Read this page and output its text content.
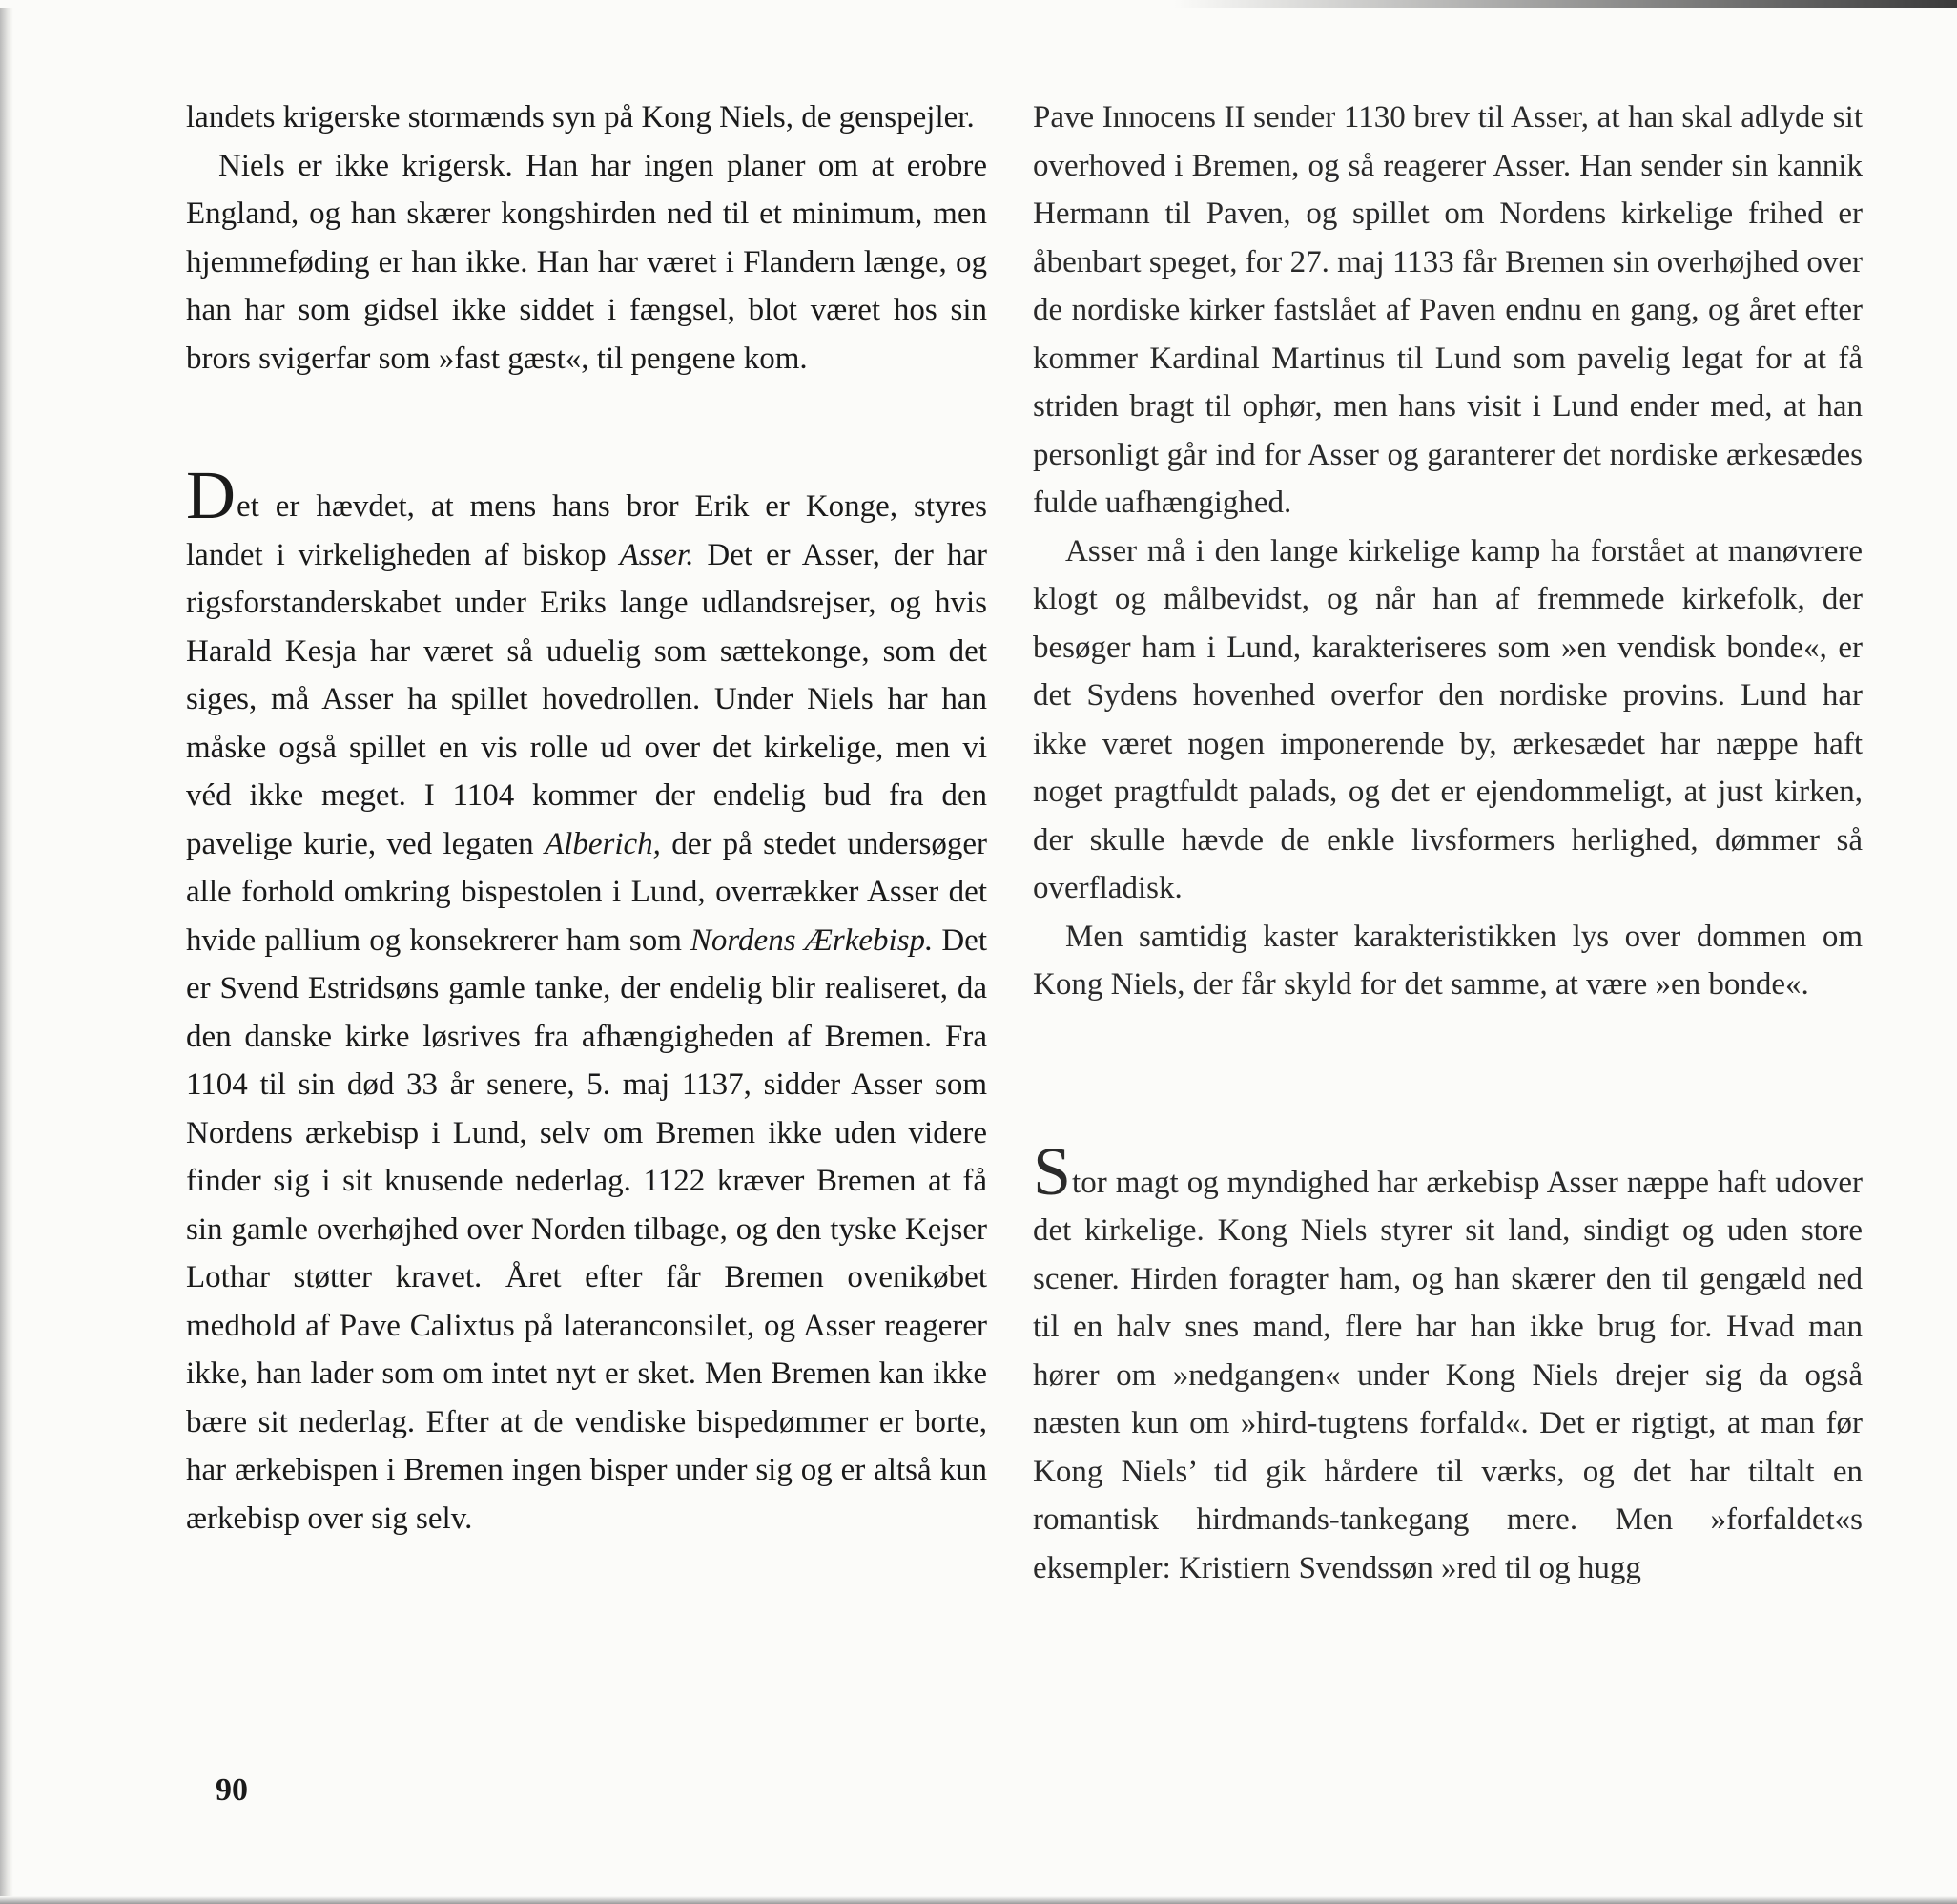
landets krigerske stormænds syn på Kong Niels, de genspejler.

Niels er ikke krigersk. Han har ingen planer om at erobre England, og han skærer kongshirden ned til et minimum, men hjemmeføding er han ikke. Han har været i Flandern længe, og han har som gidsel ikke siddet i fængsel, blot været hos sin brors svigerfar som »fast gæst«, til pengene kom.

Det er hævdet, at mens hans bror Erik er Konge, styres landet i virkeligheden af biskop Asser. Det er Asser, der har rigsforstanderskabet under Eriks lange udlandsrejser, og hvis Harald Kesja har været så uduelig som sættekonge, som det siges, må Asser ha spillet hovedrollen. Under Niels har han måske også spillet en vis rolle ud over det kirkelige, men vi véd ikke meget. I 1104 kommer der endelig bud fra den pavelige kurie, ved legaten Alberich, der på stedet undersøger alle forhold omkring bispestolen i Lund, overrækker Asser det hvide pallium og konsekrerer ham som Nordens Ærkebisp. Det er Svend Estridsøns gamle tanke, der endelig blir realiseret, da den danske kirke løsrives fra afhængigheden af Bremen. Fra 1104 til sin død 33 år senere, 5. maj 1137, sidder Asser som Nordens ærkebisp i Lund, selv om Bremen ikke uden videre finder sig i sit knusende nederlag. 1122 kræver Bremen at få sin gamle overhøjhed over Norden tilbage, og den tyske Kejser Lothar støtter kravet. Året efter får Bremen ovenikøbet medhold af Pave Calixtus på lateranconsilet, og Asser reagerer ikke, han lader som om intet nyt er sket. Men Bremen kan ikke bære sit nederlag. Efter at de vendiske bispedømmer er borte, har ærkebispen i Bremen ingen bisper under sig og er altså kun ærkebisp over sig selv.

Pave Innocens II sender 1130 brev til Asser, at han skal adlyde sit overhoved i Bremen, og så reagerer Asser. Han sender sin kannik Hermann til Paven, og spillet om Nordens kirkelige frihed er åbenbart speget, for 27. maj 1133 får Bremen sin overhøjhed over de nordiske kirker fastslået af Paven endnu en gang, og året efter kommer Kardinal Martinus til Lund som pavelig legat for at få striden bragt til ophør, men hans visit i Lund ender med, at han personligt går ind for Asser og garanterer det nordiske ærkesædes fulde uafhængighed.

Asser må i den lange kirkelige kamp ha forstået at manøvrere klogt og målbevidst, og når han af fremmede kirkefolk, der besøger ham i Lund, karakteriseres som »en vendisk bonde«, er det Sydens hovenhed overfor den nordiske provins. Lund har ikke været nogen imponerende by, ærkesædet har næppe haft noget pragtfuldt palads, og det er ejendommeligt, at just kirken, der skulle hævde de enkle livsformers herlighed, dømmer så overfladisk.

Men samtidig kaster karakteristikken lys over dommen om Kong Niels, der får skyld for det samme, at være »en bonde«.

Stor magt og myndighed har ærkebisp Asser næppe haft udover det kirkelige. Kong Niels styrer sit land, sindigt og uden store scener. Hirden foragter ham, og han skærer den til gengæld ned til en halv snes mand, flere har han ikke brug for. Hvad man hører om »nedgangen« under Kong Niels drejer sig da også næsten kun om »hird-tugtens forfald«. Det er rigtigt, at man før Kong Niels’ tid gik hårdere til værks, og det har tiltalt en romantisk hirdmands-tankegang mere. Men »forfaldet«s eksempler: Kristiern Svendssøn »red til og hugg

90
